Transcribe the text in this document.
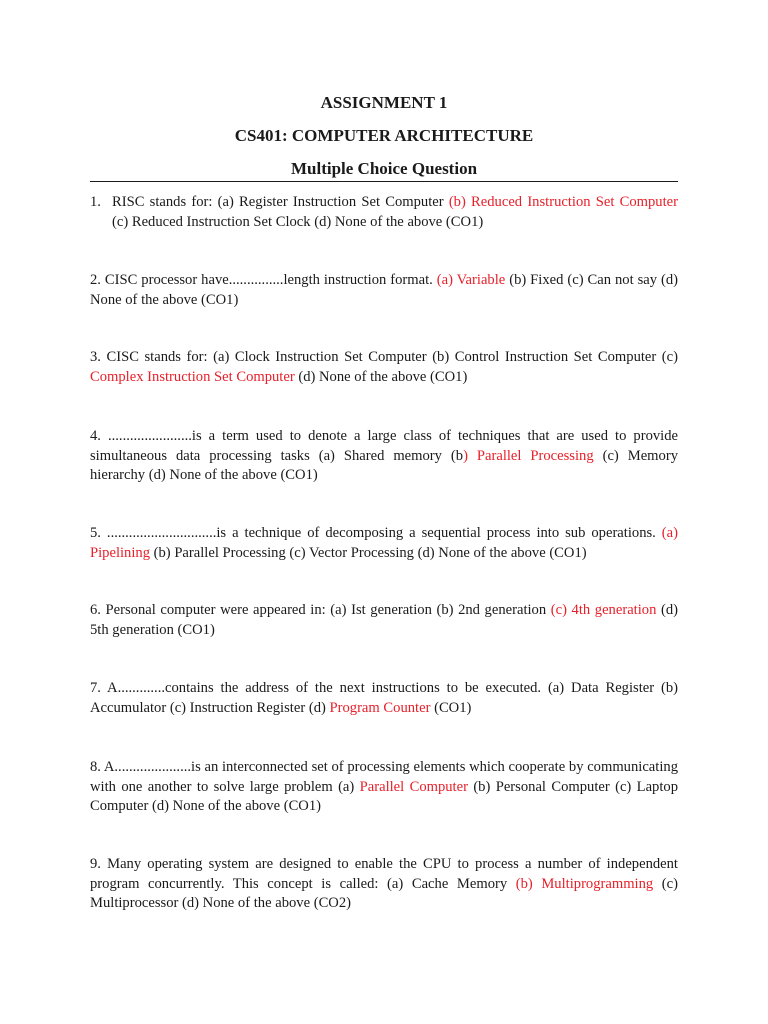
ASSIGNMENT 1
CS401: COMPUTER ARCHITECTURE
Multiple Choice Question
1. RISC stands for: (a) Register Instruction Set Computer (b) Reduced Instruction Set Computer (c) Reduced Instruction Set Clock (d) None of the above (CO1)
2. CISC processor have...............length instruction format. (a) Variable (b) Fixed (c) Can not say (d) None of the above (CO1)
3. CISC stands for: (a) Clock Instruction Set Computer (b) Control Instruction Set Computer (c) Complex Instruction Set Computer (d) None of the above (CO1)
4. .......................is a term used to denote a large class of techniques that are used to provide simultaneous data processing tasks (a) Shared memory (b) Parallel Processing (c) Memory hierarchy (d) None of the above (CO1)
5. ..............................is a technique of decomposing a sequential process into sub operations. (a) Pipelining (b) Parallel Processing (c) Vector Processing (d) None of the above (CO1)
6. Personal computer were appeared in: (a) Ist generation (b) 2nd generation (c) 4th generation (d) 5th generation (CO1)
7. A.............contains the address of the next instructions to be executed. (a) Data Register (b) Accumulator (c) Instruction Register (d) Program Counter (CO1)
8. A.....................is an interconnected set of processing elements which cooperate by communicating with one another to solve large problem (a) Parallel Computer (b) Personal Computer (c) Laptop Computer (d) None of the above (CO1)
9. Many operating system are designed to enable the CPU to process a number of independent program concurrently. This concept is called: (a) Cache Memory (b) Multiprogramming (c) Multiprocessor (d) None of the above (CO2)
